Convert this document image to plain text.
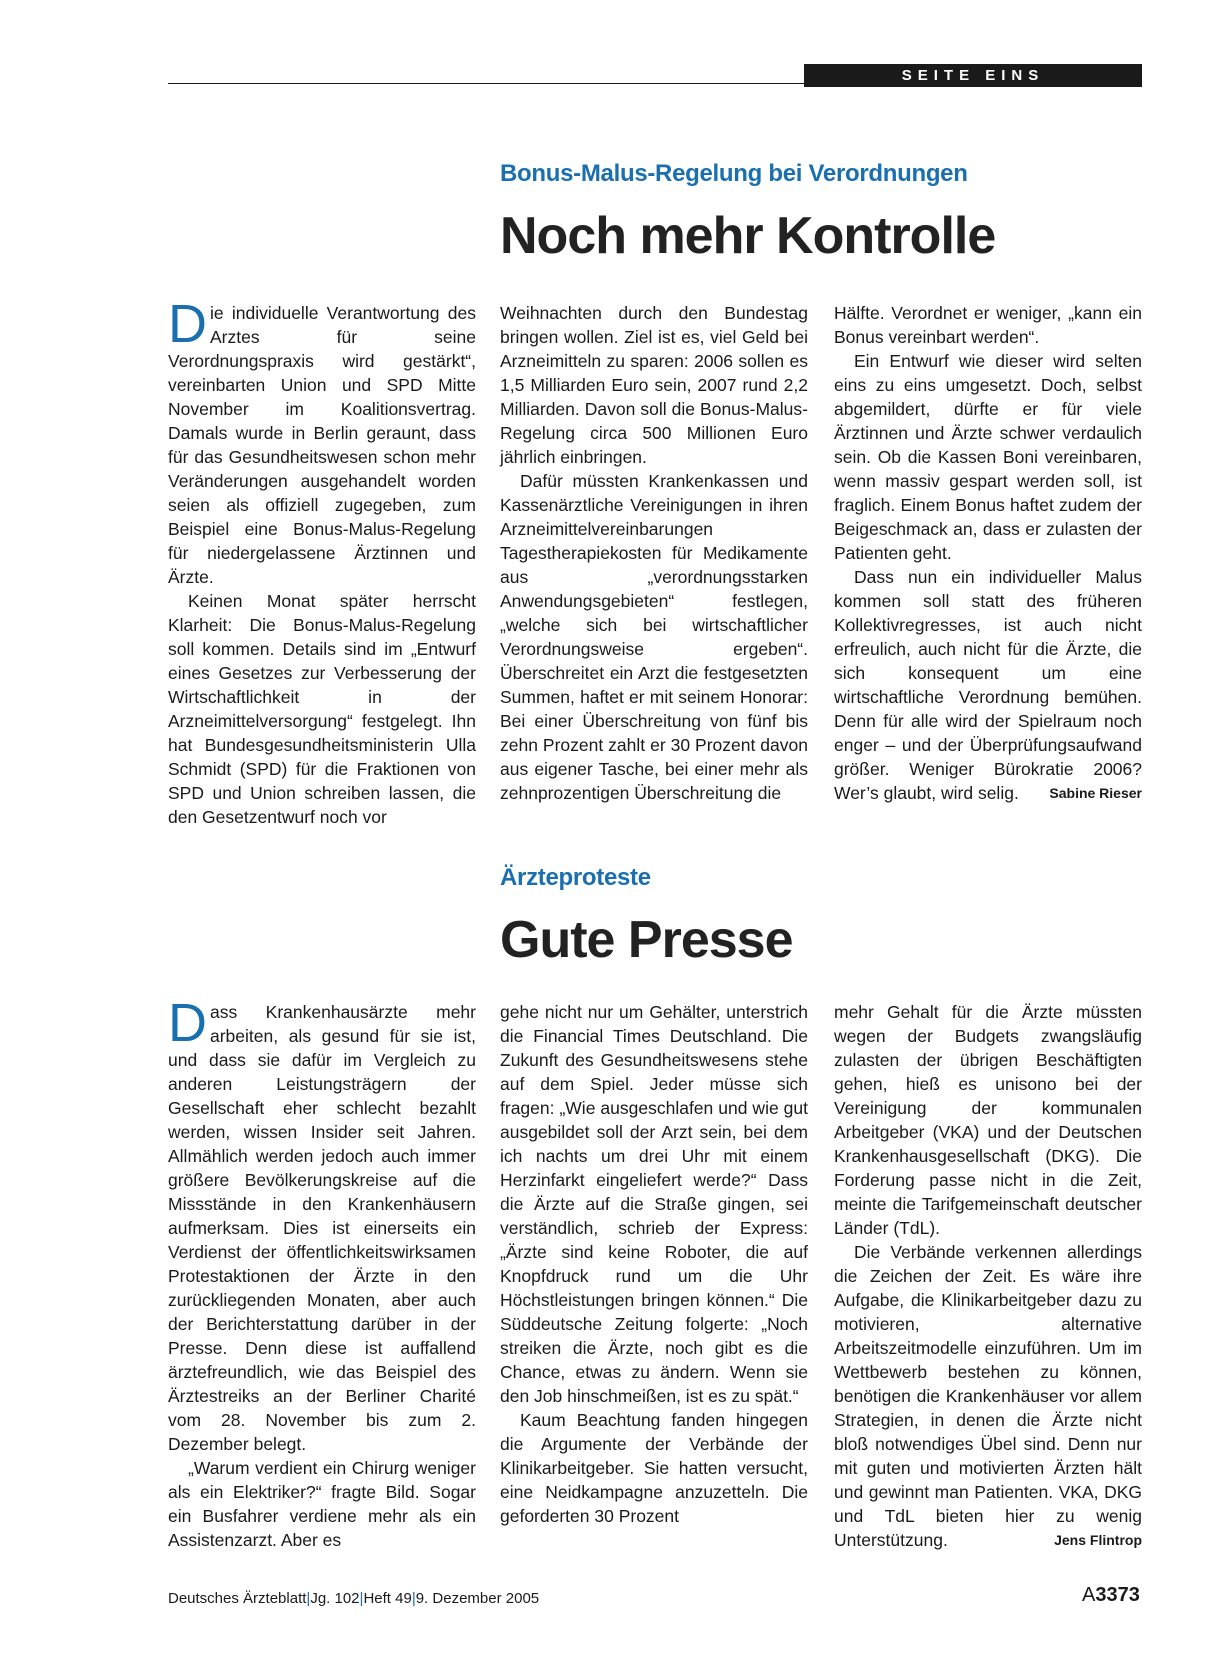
SEITE EINS
Bonus-Malus-Regelung bei Verordnungen
Noch mehr Kontrolle

Die individuelle Verantwortung des Arztes für seine Verordnungspraxis wird gestärkt“, vereinbarten Union und SPD Mitte November im Koalitionsvertrag. Damals wurde in Berlin geraunt, dass für das Gesundheitswesen schon mehr Veränderungen ausgehandelt worden seien als offiziell zugegeben, zum Beispiel eine Bonus-Malus-Regelung für niedergelassene Ärztinnen und Ärzte.

Keinen Monat später herrscht Klarheit: Die Bonus-Malus-Regelung soll kommen. Details sind im „Entwurf eines Gesetzes zur Verbesserung der Wirtschaftlichkeit in der Arzneimittelversorgung“ festgelegt. Ihn hat Bundesgesundheitsministerin Ulla Schmidt (SPD) für die Fraktionen von SPD und Union schreiben lassen, die den Gesetzentwurf noch vor

Weihnachten durch den Bundestag bringen wollen. Ziel ist es, viel Geld bei Arzneimitteln zu sparen: 2006 sollen es 1,5 Milliarden Euro sein, 2007 rund 2,2 Milliarden. Davon soll die Bonus-Malus-Regelung circa 500 Millionen Euro jährlich einbringen.

Dafür müssten Krankenkassen und Kassenärztliche Vereinigungen in ihren Arzneimittelvereinbarungen Tagestherapiekosten für Medikamente aus „verordnungsstarken Anwendungsgebieten“ festlegen, „welche sich bei wirtschaftlicher Verordnungsweise ergeben“. Überschreitet ein Arzt die festgesetzten Summen, haftet er mit seinem Honorar: Bei einer Überschreitung von fünf bis zehn Prozent zahlt er 30 Prozent davon aus eigener Tasche, bei einer mehr als zehnprozentigen Überschreitung die

Hälfte. Verordnet er weniger, „kann ein Bonus vereinbart werden“.

Ein Entwurf wie dieser wird selten eins zu eins umgesetzt. Doch, selbst abgemildert, dürfte er für viele Ärztinnen und Ärzte schwer verdaulich sein. Ob die Kassen Boni vereinbaren, wenn massiv gespart werden soll, ist fraglich. Einem Bonus haftet zudem der Beigeschmack an, dass er zulasten der Patienten geht.

Dass nun ein individueller Malus kommen soll statt des früheren Kollektivregresses, ist auch nicht erfreulich, auch nicht für die Ärzte, die sich konsequent um eine wirtschaftliche Verordnung bemühen. Denn für alle wird der Spielraum noch enger – und der Überprüfungsaufwand größer. Weniger Bürokratie 2006? Wer’s glaubt, wird selig.	Sabine Rieser

Ärzteproteste
Gute Presse

Dass Krankenhausärzte mehr arbeiten, als gesund für sie ist, und dass sie dafür im Vergleich zu anderen Leistungsträgern der Gesellschaft eher schlecht bezahlt werden, wissen Insider seit Jahren. Allmählich werden jedoch auch immer größere Bevölkerungskreise auf die Missstände in den Krankenhäusern aufmerksam. Dies ist einerseits ein Verdienst der öffentlichkeitswirksamen Protestaktionen der Ärzte in den zurückliegenden Monaten, aber auch der Berichterstattung darüber in der Presse. Denn diese ist auffallend ärztefreundlich, wie das Beispiel des Ärztestreiks an der Berliner Charité vom 28. November bis zum 2. Dezember belegt.

„Warum verdient ein Chirurg weniger als ein Elektriker?“ fragte Bild. Sogar ein Busfahrer verdiene mehr als ein Assistenzarzt. Aber es

gehe nicht nur um Gehälter, unterstrich die Financial Times Deutschland. Die Zukunft des Gesundheitswesens stehe auf dem Spiel. Jeder müsse sich fragen: „Wie ausgeschlafen und wie gut ausgebildet soll der Arzt sein, bei dem ich nachts um drei Uhr mit einem Herzinfarkt eingeliefert werde?“ Dass die Ärzte auf die Straße gingen, sei verständlich, schrieb der Express: „Ärzte sind keine Roboter, die auf Knopfdruck rund um die Uhr Höchstleistungen bringen können.“ Die Süddeutsche Zeitung folgerte: „Noch streiken die Ärzte, noch gibt es die Chance, etwas zu ändern. Wenn sie den Job hinschmeißen, ist es zu spät.“

Kaum Beachtung fanden hingegen die Argumente der Verbände der Klinikarbeitgeber. Sie hatten versucht, eine Neidkampagne anzuzetteln. Die geforderten 30 Prozent

mehr Gehalt für die Ärzte müssten wegen der Budgets zwangsläufig zulasten der übrigen Beschäftigten gehen, hieß es unisono bei der Vereinigung der kommunalen Arbeitgeber (VKA) und der Deutschen Krankenhausgesellschaft (DKG). Die Forderung passe nicht in die Zeit, meinte die Tarifgemeinschaft deutscher Länder (TdL).

Die Verbände verkennen allerdings die Zeichen der Zeit. Es wäre ihre Aufgabe, die Klinikarbeitgeber dazu zu motivieren, alternative Arbeitszeitmodelle einzuführen. Um im Wettbewerb bestehen zu können, benötigen die Krankenhäuser vor allem Strategien, in denen die Ärzte nicht bloß notwendiges Übel sind. Denn nur mit guten und motivierten Ärzten hält und gewinnt man Patienten. VKA, DKG und TdL bieten hier zu wenig Unterstützung.	Jens Flintrop

Deutsches Ärzteblatt|Jg. 102|Heft 49|9. Dezember 2005	A3373
